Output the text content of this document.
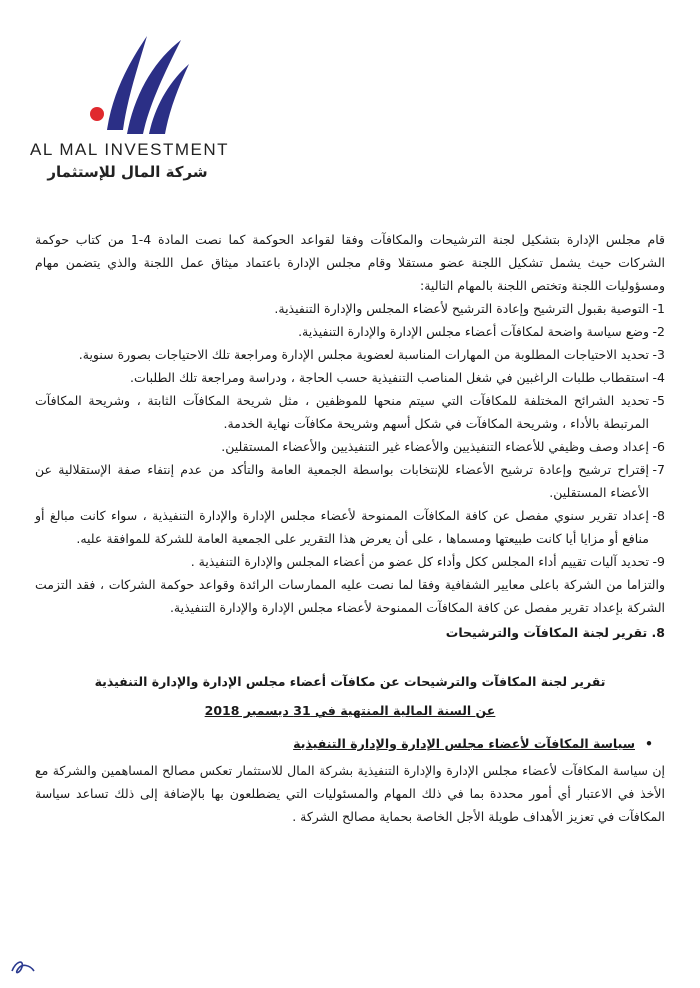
AL MAL INVESTMENT
شركة المال للإستثمار

قام مجلس الإدارة بتشكيل لجنة الترشيحات والمكافآت وفقا لقواعد الحوكمة كما نصت المادة 4-1 من كتاب حوكمة الشركات حيث يشمل تشكيل اللجنة عضو مستقلا وقام مجلس الإدارة باعتماد ميثاق عمل اللجنة والذي يتضمن مهام ومسؤوليات اللجنة وتختص اللجنة بالمهام التالية:

1-
التوصية بقبول الترشيح وإعادة الترشيح لأعضاء المجلس والإدارة التنفيذية.

2-
وضع سياسة واضحة لمكافآت أعضاء مجلس الإدارة والإدارة التنفيذية.

3-
تحديد الاحتياجات المطلوبة من المهارات المناسبة لعضوية مجلس الإدارة ومراجعة تلك الاحتياجات بصورة سنوية.

4-
استقطاب طلبات الراغبين في شغل المناصب التنفيذية حسب الحاجة ، ودراسة ومراجعة تلك الطلبات.

5-
تحديد الشرائح المختلفة للمكافآت التي سيتم منحها للموظفين ، مثل شريحة المكافآت الثابتة ، وشريحة المكافآت المرتبطة بالأداء ، وشريحة المكافآت في شكل أسهم وشريحة مكافآت نهاية الخدمة.

6-
إعداد وصف وظيفي للأعضاء التنفيذيين والأعضاء غير التنفيذيين والأعضاء المستقلين.

7-
إقتراح ترشيح وإعادة ترشيح الأعضاء للإنتخابات بواسطة الجمعية العامة والتأكد من عدم إنتفاء صفة الإستقلالية عن الأعضاء المستقلين.

8-
إعداد تقرير سنوي مفصل عن كافة المكافآت الممنوحة لأعضاء مجلس الإدارة والإدارة التنفيذية ، سواء كانت مبالغ أو منافع أو مزايا أيا كانت طبيعتها ومسماها ، على أن يعرض هذا التقرير على الجمعية العامة للشركة للموافقة عليه.

9-
تحديد آليات تقييم أداء المجلس ككل وأداء كل عضو من أعضاء المجلس والإدارة التنفيذية .

والتزاما من الشركة باعلى معايير الشفافية وفقا لما نصت عليه الممارسات الرائدة وقواعد حوكمة الشركات ، فقد التزمت الشركة بإعداد تقرير مفصل عن كافة المكافآت الممنوحة لأعضاء مجلس الإدارة والإدارة التنفيذية.

8. تقرير لجنة المكافآت والترشيحات

تقرير لجنة المكافآت والترشيحات عن مكافآت أعضاء مجلس الإدارة والإدارة التنفيذية

عن السنة المالية المنتهية في 31 ديسمبر 2018

•
سياسة المكافآت لأعضاء مجلس الإدارة والإدارة التنفيذية

إن سياسة المكافآت لأعضاء مجلس الإدارة والإدارة التنفيذية بشركة المال للاستثمار تعكس مصالح المساهمين والشركة مع الأخذ في الاعتبار أي أمور محددة بما في ذلك المهام والمسئوليات التي يضطلعون بها بالإضافة إلى ذلك تساعد سياسة المكافآت في تعزيز الأهداف طويلة الأجل الخاصة بحماية مصالح الشركة .
